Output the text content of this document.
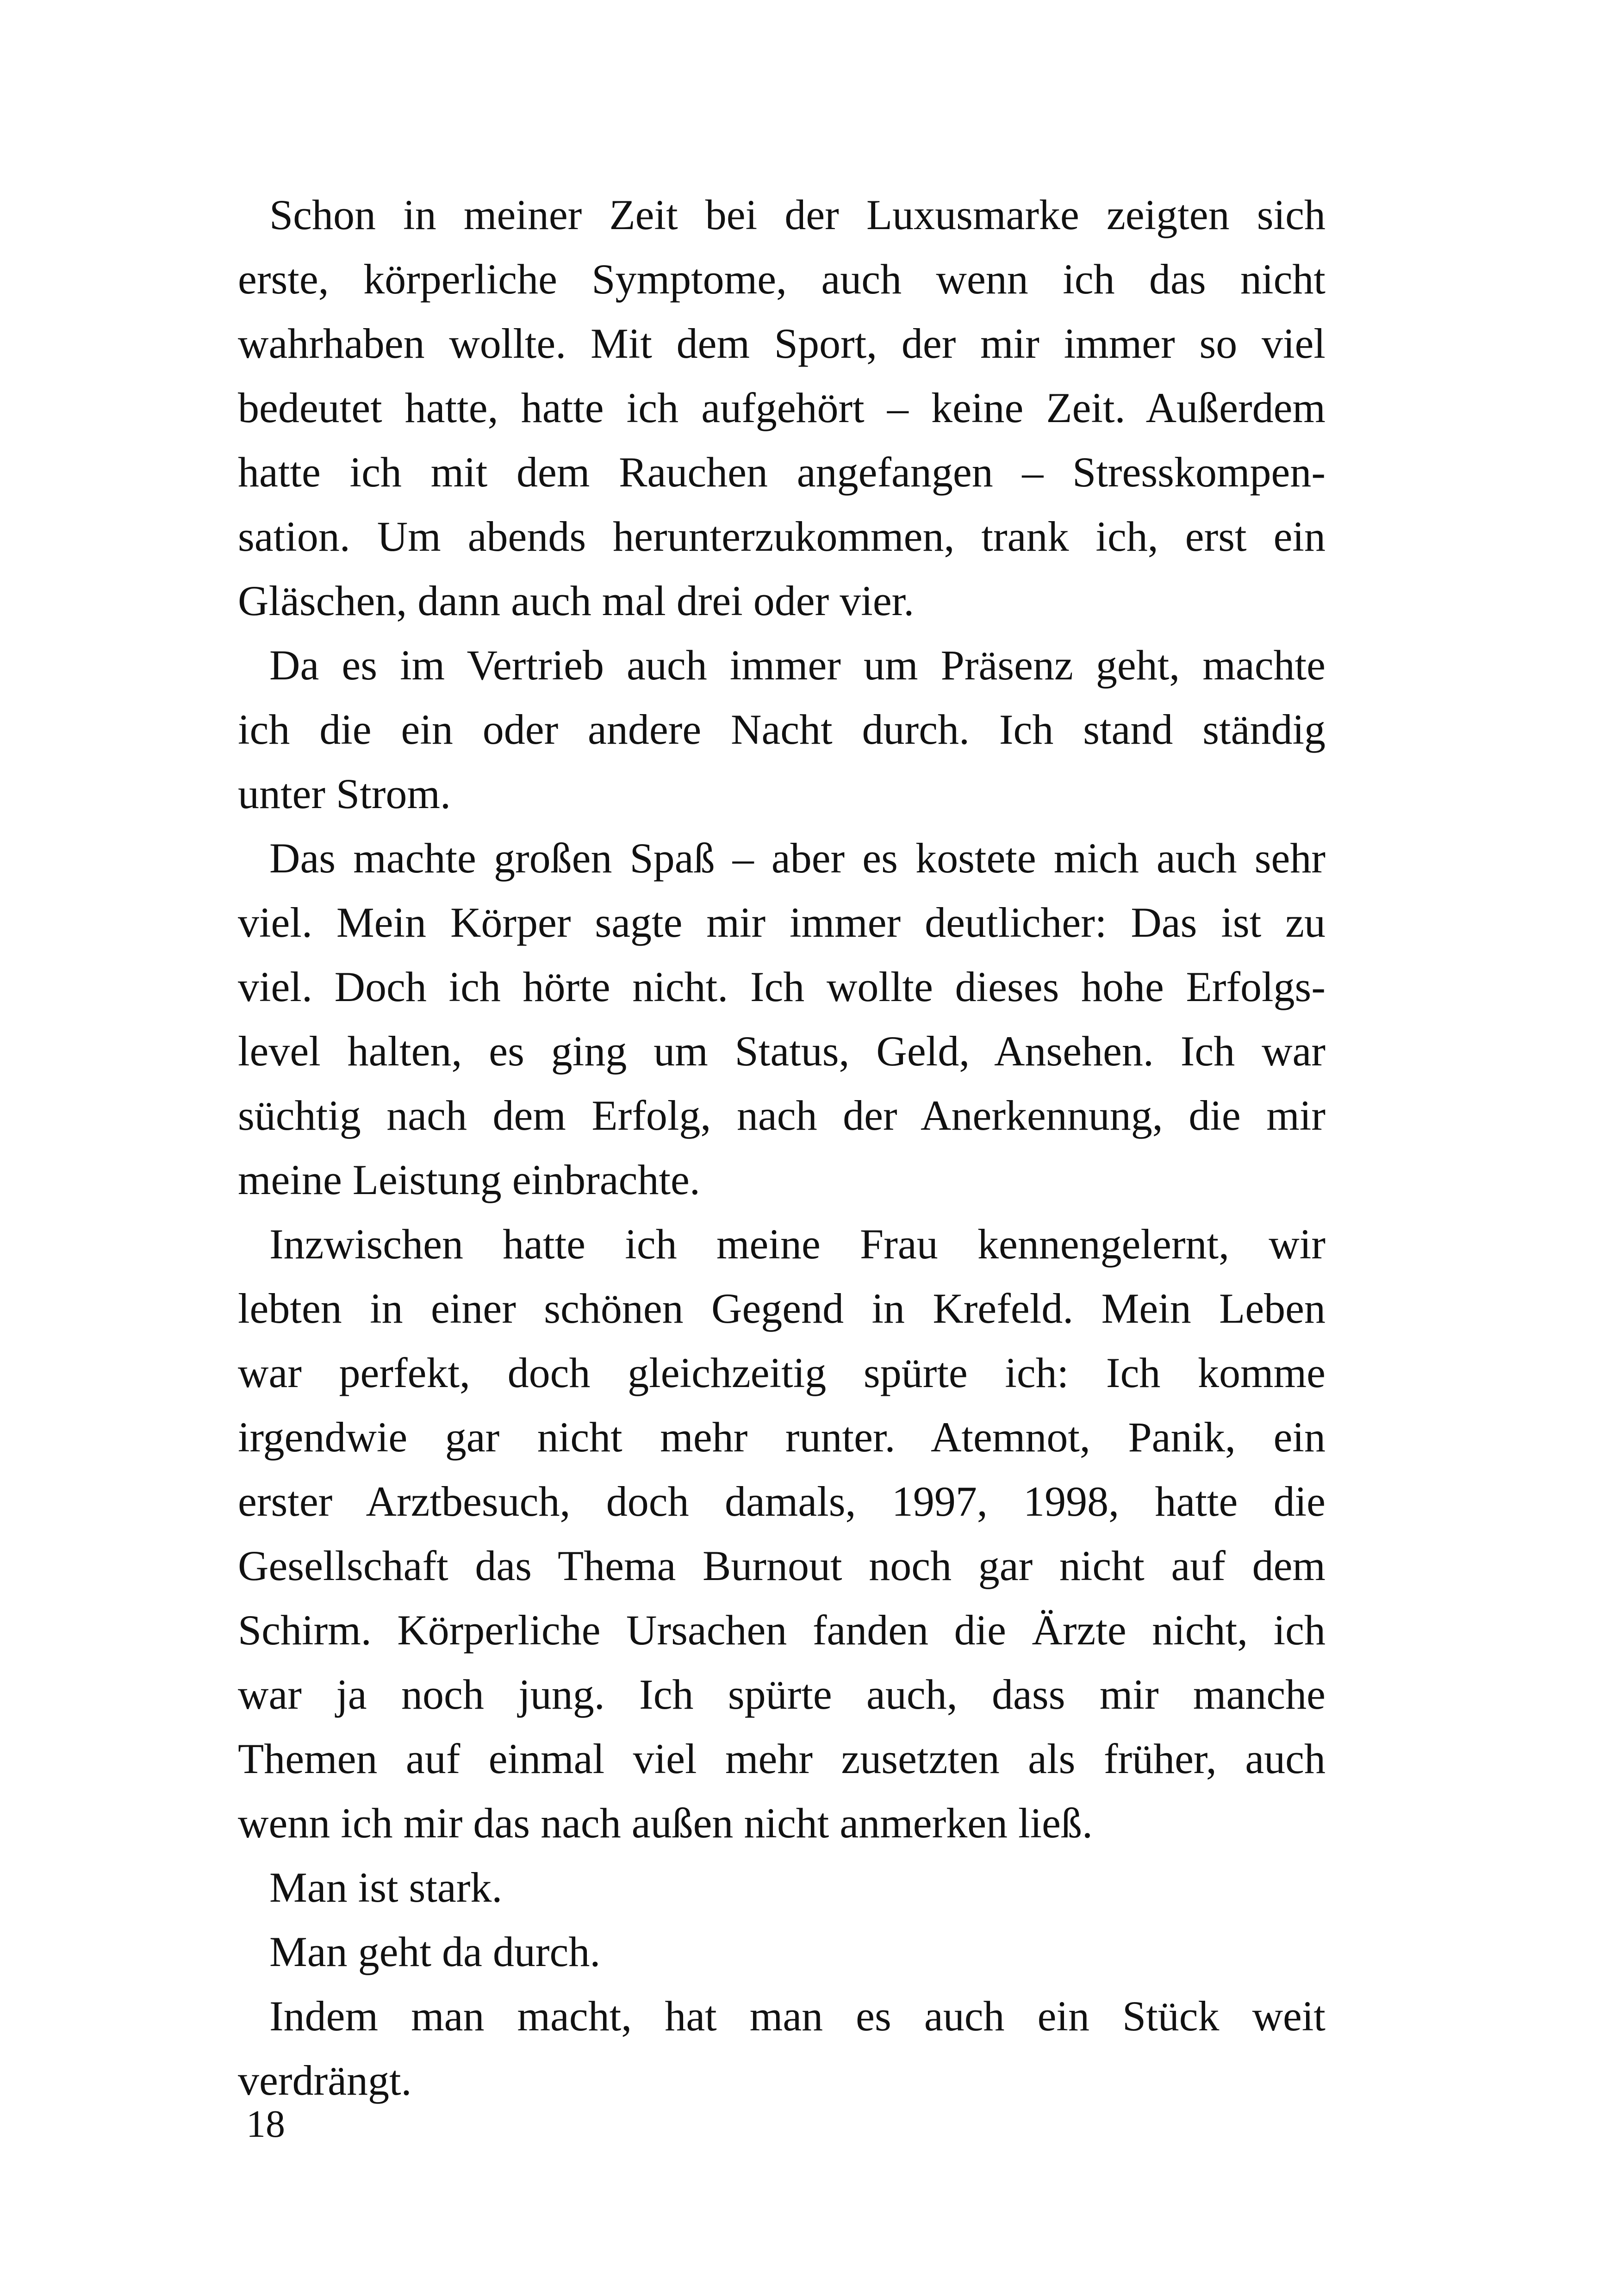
Schon in meiner Zeit bei der Luxusmarke zeigten sich
erste, körperliche Symptome, auch wenn ich das nicht
wahrhaben wollte. Mit dem Sport, der mir immer so viel
bedeutet hatte, hatte ich aufgehört – keine Zeit. Außerdem
hatte ich mit dem Rauchen angefangen – Stresskompen-
sation. Um abends herunterzukommen, trank ich, erst ein
Gläschen, dann auch mal drei oder vier.

Da es im Vertrieb auch immer um Präsenz geht, machte
ich die ein oder andere Nacht durch. Ich stand ständig
unter Strom.

Das machte großen Spaß – aber es kostete mich auch sehr
viel. Mein Körper sagte mir immer deutlicher: Das ist zu
viel. Doch ich hörte nicht. Ich wollte dieses hohe Erfolgs-
level halten, es ging um Status, Geld, Ansehen. Ich war
süchtig nach dem Erfolg, nach der Anerkennung, die mir
meine Leistung einbrachte.

Inzwischen hatte ich meine Frau kennengelernt, wir
lebten in einer schönen Gegend in Krefeld. Mein Leben
war perfekt, doch gleichzeitig spürte ich: Ich komme
irgendwie gar nicht mehr runter. Atemnot, Panik, ein
erster Arztbesuch, doch damals, 1997, 1998, hatte die
Gesellschaft das Thema Burnout noch gar nicht auf dem
Schirm. Körperliche Ursachen fanden die Ärzte nicht, ich
war ja noch jung. Ich spürte auch, dass mir manche
Themen auf einmal viel mehr zusetzten als früher, auch
wenn ich mir das nach außen nicht anmerken ließ.

Man ist stark.

Man geht da durch.

Indem man macht, hat man es auch ein Stück weit
verdrängt.

18
